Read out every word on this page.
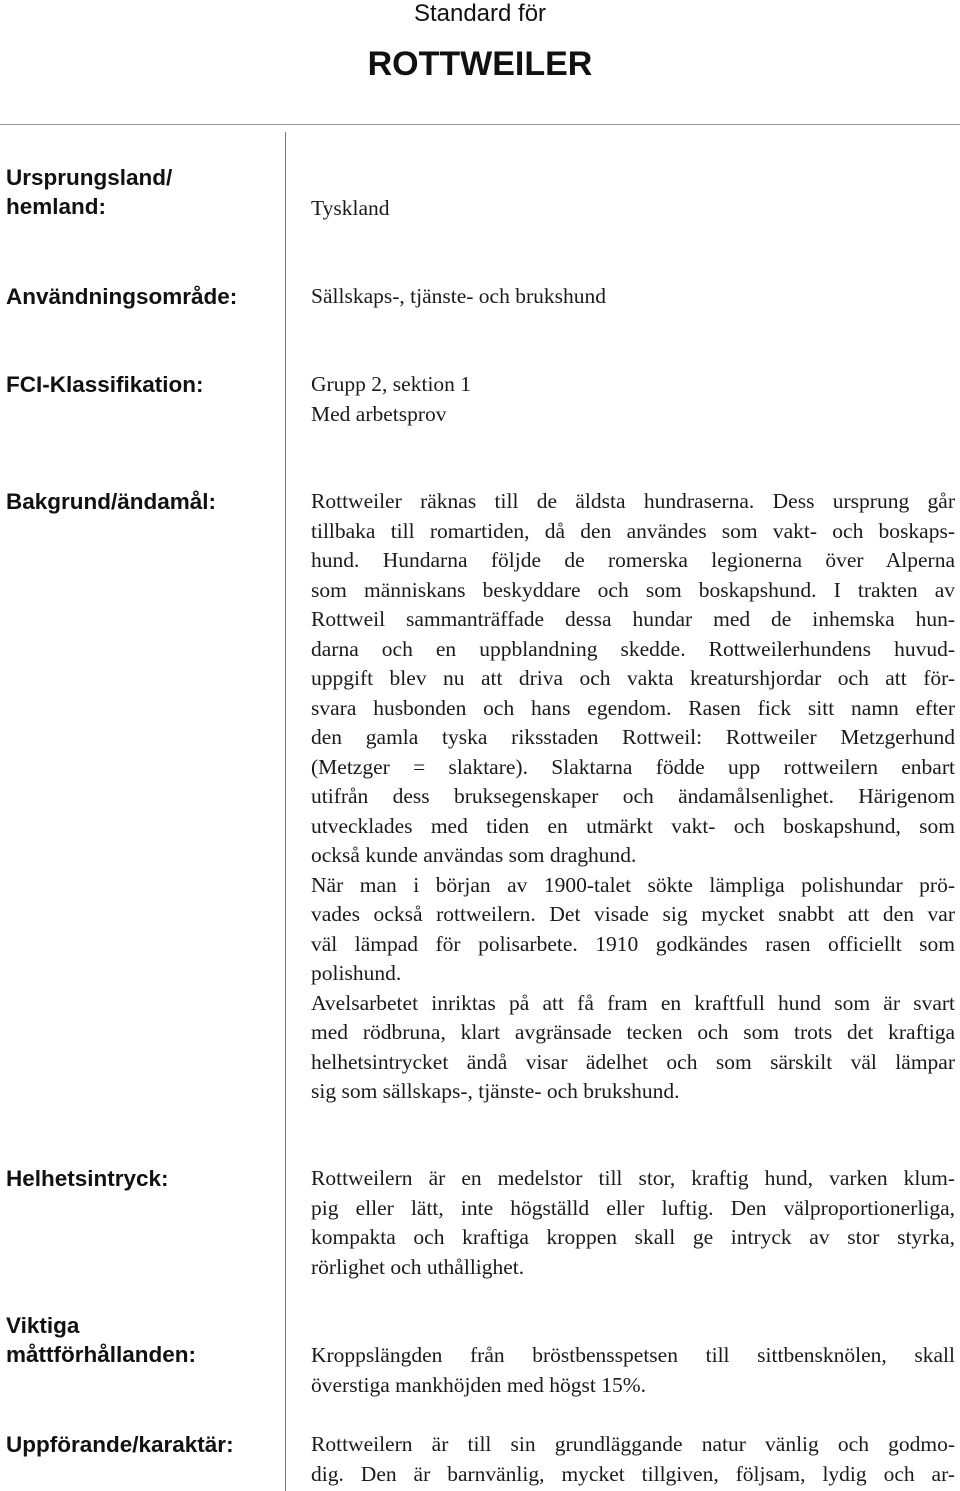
Standard för
ROTTWEILER
Ursprungsland/
hemland:	Tyskland
Användningsområde:	Sällskaps-, tjänste- och brukshund
FCI-Klassifikation:	Grupp 2, sektion 1
Med arbetsprov
Bakgrund/ändamål:	Rottweiler räknas till de äldsta hundraserna. Dess ursprung går
tillbaka till romartiden, då den användes som vakt- och boskaps-
hund. Hundarna följde de romerska legionerna över Alperna
som människans beskyddare och som boskapshund. I trakten av
Rottweil sammanträffade dessa hundar med de inhemska hun-
darna och en uppblandning skedde. Rottweilerhundens huvud-
uppgift blev nu att driva och vakta kreaturshjordar och att för-
svara husbonden och hans egendom. Rasen fick sitt namn efter
den gamla tyska riksstaden Rottweil: Rottweiler Metzgerhund
(Metzger = slaktare). Slaktarna födde upp rottweilern enbart
utifrån dess bruksegenskaper och ändamålsenlighet. Härigenom
utvecklades med tiden en utmärkt vakt- och boskapshund, som
också kunde användas som draghund.
När man i början av 1900-talet sökte lämpliga polishundar prö-
vades också rottweilern. Det visade sig mycket snabbt att den var
väl lämpad för polisarbete. 1910 godkändes rasen officiellt som
polishund.
Avelsarbetet inriktas på att få fram en kraftfull hund som är svart
med rödbruna, klart avgränsade tecken och som trots det kraftiga
helhetsintrycket ändå visar ädelhet och som särskilt väl lämpar
sig som sällskaps-, tjänste- och brukshund.
Helhetsintryck:	Rottweilern är en medelstor till stor, kraftig hund, varken klum-
pig eller lätt, inte högställd eller luftig. Den välproportionerliga,
kompakta och kraftiga kroppen skall ge intryck av stor styrka,
rörlighet och uthållighet.
Viktiga
måttförhållanden:	Kroppslängden från bröstbensspetsen till sittbensknölen, skall
överstiga mankhöjden med högst 15%.
Uppförande/karaktär:	Rottweilern är till sin grundläggande natur vänlig och godmo-
dig. Den är barnvänlig, mycket tillgiven, följsam, lydig och ar-
